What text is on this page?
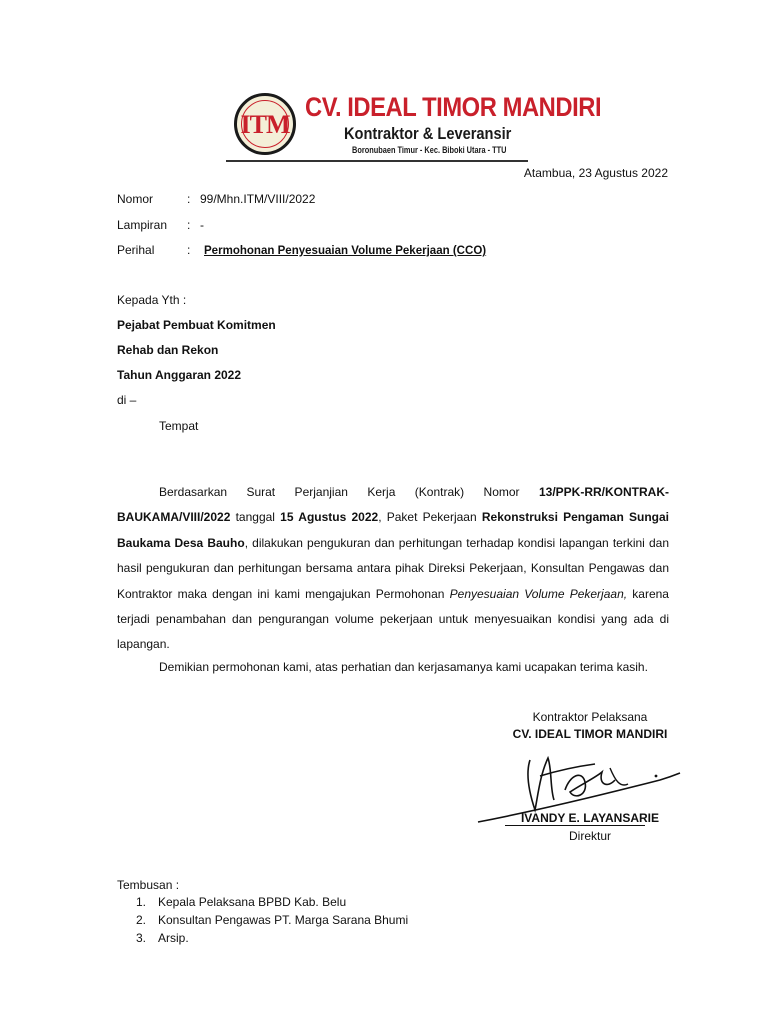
ITM
CV. IDEAL TIMOR MANDIRI
Kontraktor & Leveransir
Boronubaen Timur - Kec. Biboki Utara - TTU
Atambua, 23 Agustus 2022
Nomor	: 99/Mhn.ITM/VIII/2022
Lampiran : -
Perihal	: Permohonan Penyesuaian Volume Pekerjaan (CCO)
Kepada Yth :
Pejabat Pembuat Komitmen
Rehab dan Rekon
Tahun Anggaran 2022
di –
Tempat
Berdasarkan Surat Perjanjian Kerja (Kontrak) Nomor 13/PPK-RR/KONTRAK-BAUKAMA/VIII/2022 tanggal 15 Agustus 2022, Paket Pekerjaan Rekonstruksi Pengaman Sungai Baukama Desa Bauho, dilakukan pengukuran dan perhitungan terhadap kondisi lapangan terkini dan hasil pengukuran dan perhitungan bersama antara pihak Direksi Pekerjaan, Konsultan Pengawas dan Kontraktor maka dengan ini kami mengajukan Permohonan Penyesuaian Volume Pekerjaan, karena terjadi penambahan dan pengurangan volume pekerjaan untuk menyesuaikan kondisi yang ada di lapangan.
Demikian permohonan kami, atas perhatian dan kerjasamanya kami ucapakan terima kasih.
Kontraktor Pelaksana
CV. IDEAL TIMOR MANDIRI
IVANDY E. LAYANSARIE
Direktur
Tembusan :
1. Kepala Pelaksana BPBD Kab. Belu
2. Konsultan Pengawas PT. Marga Sarana Bhumi
3. Arsip.
